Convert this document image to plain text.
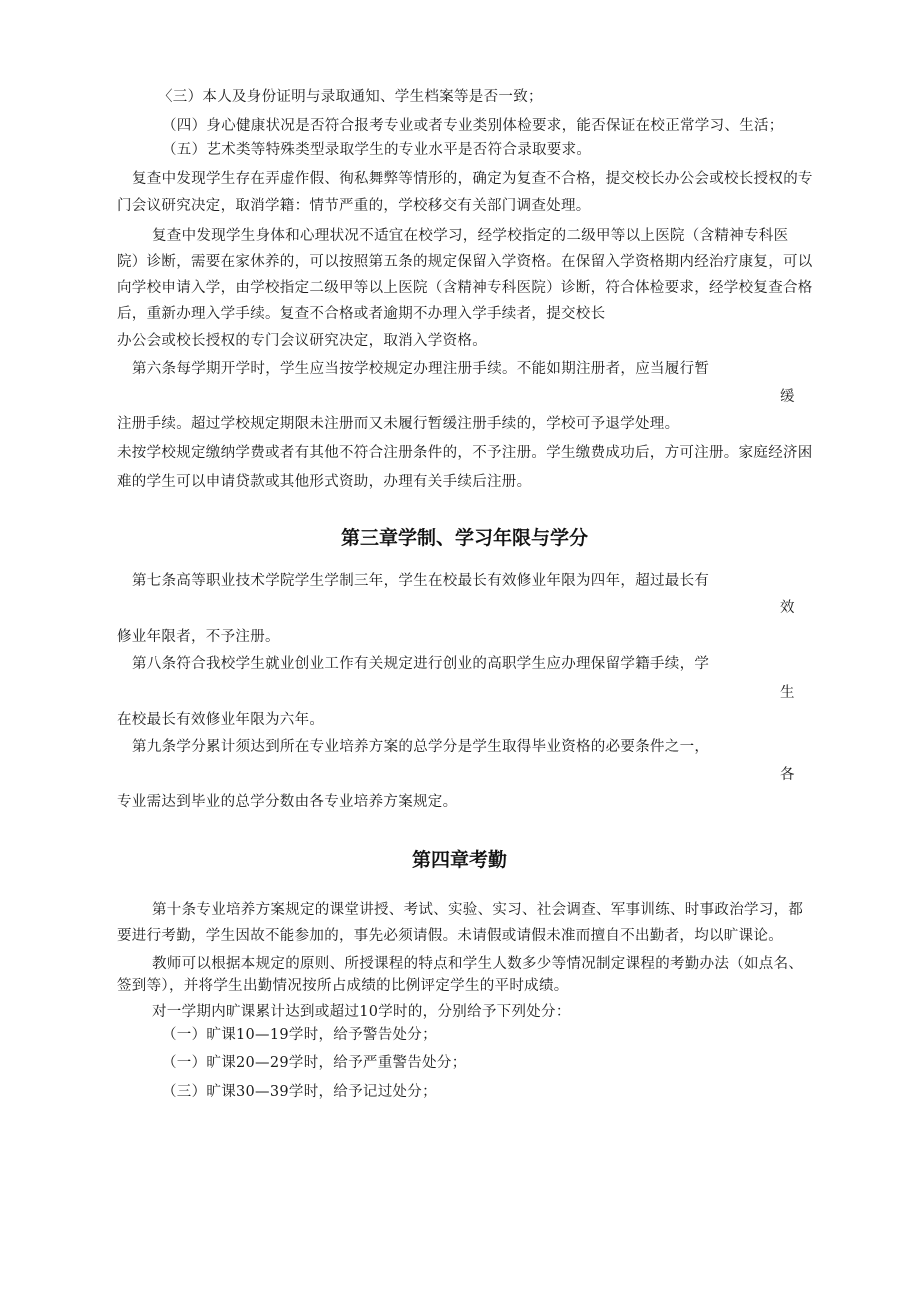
〈三）本人及身份证明与录取通知、学生档案等是否一致；
（四）身心健康状况是否符合报考专业或者专业类别体检要求，能否保证在校正常学习、生活；
（五）艺术类等特殊类型录取学生的专业水平是否符合录取要求。
复查中发现学生存在弄虚作假、徇私舞弊等情形的，确定为复查不合格，提交校长办公会或校长授权的专
门会议研究决定，取消学籍：情节严重的，学校移交有关部门调查处理。
复查中发现学生身体和心理状况不适宜在校学习，经学校指定的二级甲等以上医院（含精神专科医
院）诊断，需要在家休养的，可以按照第五条的规定保留入学资格。在保留入学资格期内经治疗康复，可以
向学校申请入学，由学校指定二级甲等以上医院（含精神专科医院）诊断，符合体检要求，经学校复查合格
后，重新办理入学手续。复查不合格或者逾期不办理入学手续者，提交校长
办公会或校长授权的专门会议研究决定，取消入学资格。
第六条每学期开学时，学生应当按学校规定办理注册手续。不能如期注册者，应当履行暂
缓
注册手续。超过学校规定期限未注册而又未履行暂缓注册手续的，学校可予退学处理。
未按学校规定缴纳学费或者有其他不符合注册条件的，不予注册。学生缴费成功后，方可注册。家庭经济困
难的学生可以申请贷款或其他形式资助，办理有关手续后注册。
第三章学制、学习年限与学分
第七条高等职业技术学院学生学制三年，学生在校最长有效修业年限为四年，超过最长有
效
修业年限者，不予注册。
第八条符合我校学生就业创业工作有关规定进行创业的高职学生应办理保留学籍手续，学
生
在校最长有效修业年限为六年。
第九条学分累计须达到所在专业培养方案的总学分是学生取得毕业资格的必要条件之一，
各
专业需达到毕业的总学分数由各专业培养方案规定。
第四章考勤
第十条专业培养方案规定的课堂讲授、考试、实验、实习、社会调查、军事训练、时事政治学习，都
要进行考勤，学生因故不能参加的，事先必须请假。未请假或请假未准而擅自不出勤者，均以旷课论。
教师可以根据本规定的原则、所授课程的特点和学生人数多少等情况制定课程的考勤办法（如点名、
签到等），并将学生出勤情况按所占成绩的比例评定学生的平时成绩。
对一学期内旷课累计达到或超过10学时的，分别给予下列处分：
（一）旷课10—19学时，给予警告处分；
（一）旷课20—29学时，给予严重警告处分；
（三）旷课30—39学时，给予记过处分；
